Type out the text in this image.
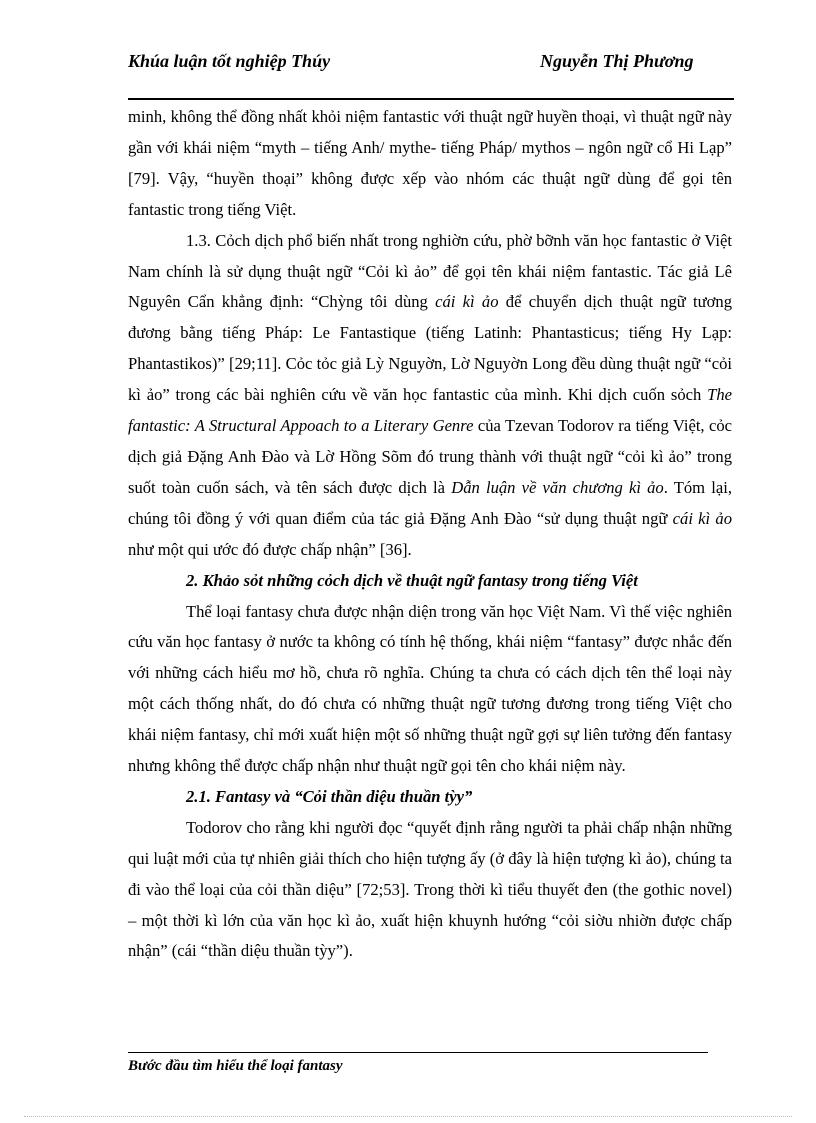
Khúa luận tốt nghiệp Thúy	Nguyễn Thị Phương

minh, không thể đồng nhất khỏi niệm fantastic với thuật ngữ huyền thoại, vì thuật ngữ này gần với khái niệm “myth – tiếng Anh/ mythe- tiếng Pháp/ mythos – ngôn ngữ cổ Hi Lạp” [79]. Vậy, “huyền thoại” không được xếp vào nhóm các thuật ngữ dùng để gọi tên fantastic trong tiếng Việt.

1.3. Cỏch dịch phổ biến nhất trong nghiờn cứu, phờ bỡnh văn học fantastic ở Việt Nam chính là sử dụng thuật ngữ “Cỏi kì ảo” để gọi tên khái niệm fantastic. Tác giả Lê Nguyên Cẩn khẳng định: “Chỳng tôi dùng cái kì ảo để chuyển dịch thuật ngữ tương đương bằng tiếng Pháp: Le Fantastique (tiếng Latinh: Phantasticus; tiếng Hy Lạp: Phantastikos)” [29;11]. Cỏc tỏc giả Lỳ Nguyờn, Lờ Nguyờn Long đều dùng thuật ngữ “cỏi kì ảo” trong các bài nghiên cứu về văn học fantastic của mình. Khi dịch cuốn sỏch The fantastic: A Structural Appoach to a Literary Genre của Tzevan Todorov ra tiếng Việt, cỏc dịch giả Đặng Anh Đào và Lờ Hồng Sõm đó trung thành với thuật ngữ “cỏi kì ảo” trong suốt toàn cuốn sách, và tên sách được dịch là Dẫn luận về văn chương kì ảo. Tóm lại, chúng tôi đồng ý với quan điểm của tác giả Đặng Anh Đào “sử dụng thuật ngữ cái kì ảo như một qui ước đó được chấp nhận” [36].

2. Khảo sỏt những cỏch dịch về thuật ngữ fantasy trong tiếng Việt

Thể loại fantasy chưa được nhận diện trong văn học Việt Nam. Vì thế việc nghiên cứu văn học fantasy ở nước ta không có tính hệ thống, khái niệm “fantasy” được nhắc đến với những cách hiểu mơ hồ, chưa rõ nghĩa. Chúng ta chưa có cách dịch tên thể loại này một cách thống nhất, do đó chưa có những thuật ngữ tương đương trong tiếng Việt cho khái niệm fantasy, chỉ mới xuất hiện một số những thuật ngữ gợi sự liên tưởng đến fantasy nhưng không thể được chấp nhận như thuật ngữ gọi tên cho khái niệm này.

2.1. Fantasy và “Cỏi thần diệu thuần tỳy”

Todorov cho rằng khi người đọc “quyết định rằng người ta phải chấp nhận những qui luật mới của tự nhiên giải thích cho hiện tượng ấy (ở đây là hiện tượng kì ảo), chúng ta đi vào thể loại của cỏi thần diệu” [72;53]. Trong thời kì tiểu thuyết đen (the gothic novel) – một thời kì lớn của văn học kì ảo, xuất hiện khuynh hướng “cỏi siờu nhiờn được chấp nhận” (cái “thần diệu thuần tỳy”).

Bước đầu tìm hiểu thể loại fantasy
